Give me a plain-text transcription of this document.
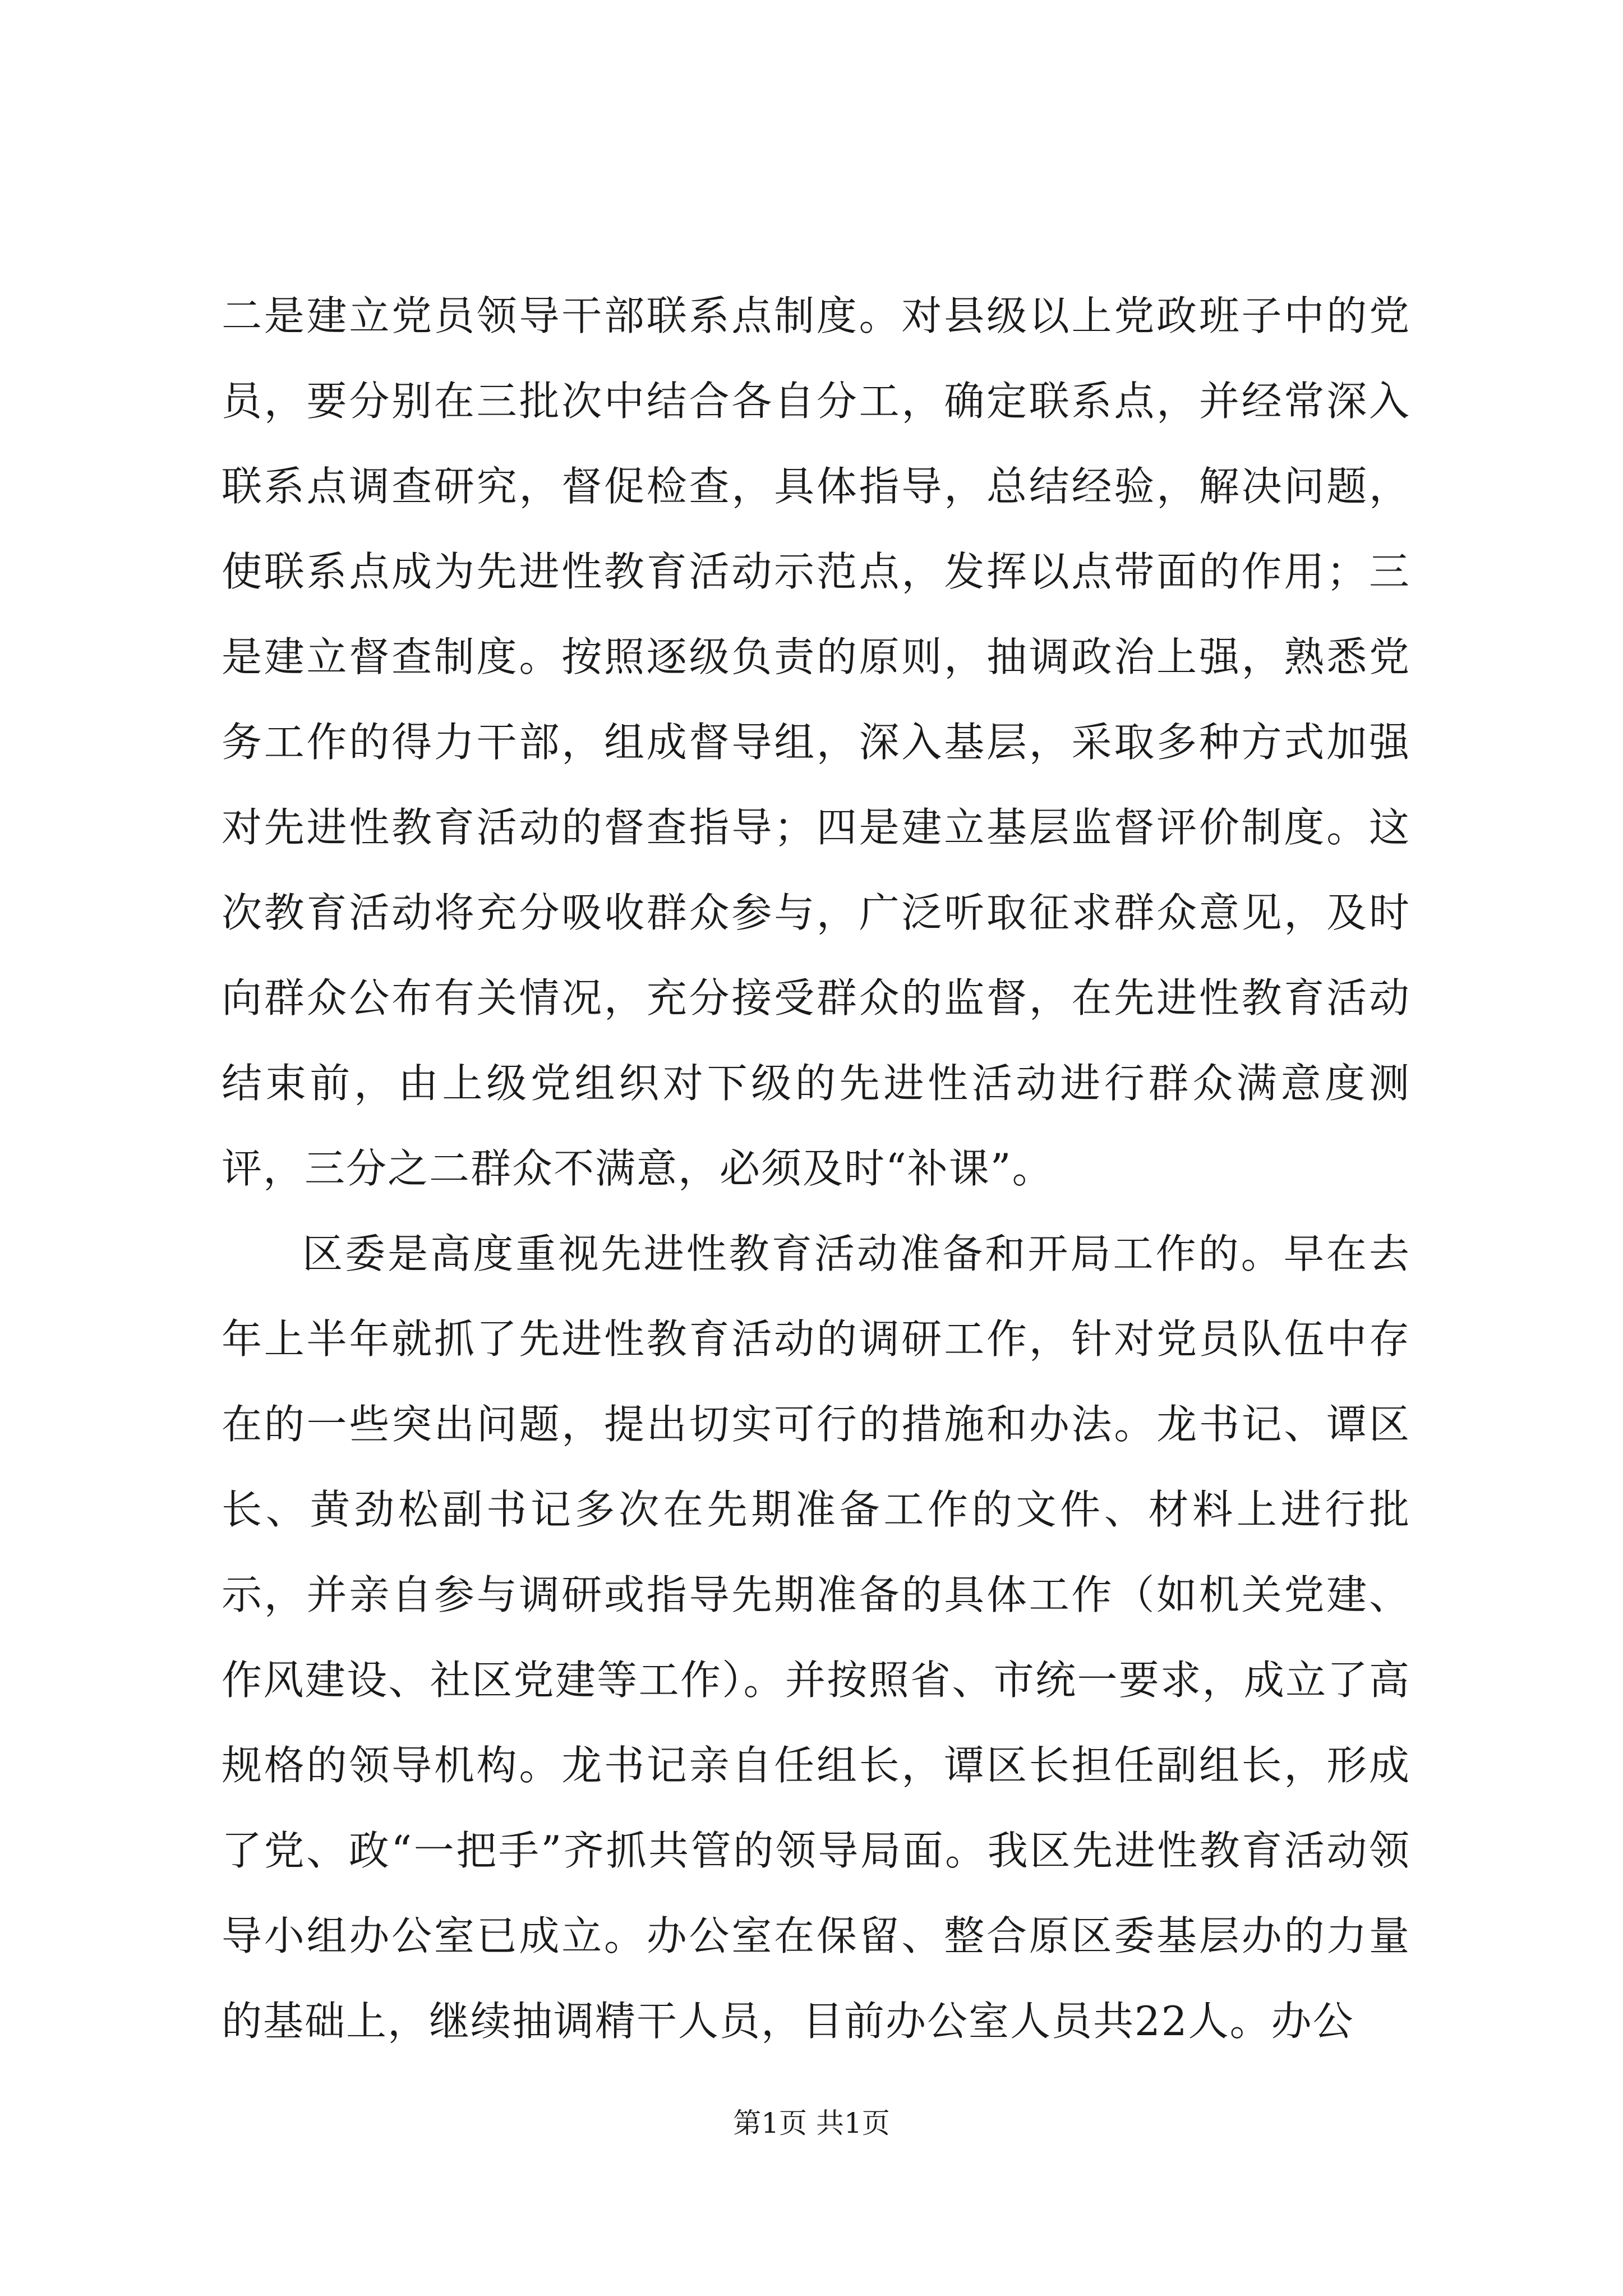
二是建立党员领导干部联系点制度。对县级以上党政班子中的党员，要分别在三批次中结合各自分工，确定联系点，并经常深入联系点调查研究，督促检查，具体指导，总结经验，解决问题，使联系点成为先进性教育活动示范点，发挥以点带面的作用；三是建立督查制度。按照逐级负责的原则，抽调政治上强，熟悉党务工作的得力干部，组成督导组，深入基层，采取多种方式加强对先进性教育活动的督查指导；四是建立基层监督评价制度。这次教育活动将充分吸收群众参与，广泛听取征求群众意见，及时向群众公布有关情况，充分接受群众的监督，在先进性教育活动结束前，由上级党组织对下级的先进性活动进行群众满意度测评，三分之二群众不满意，必须及时“补课”。

区委是高度重视先进性教育活动准备和开局工作的。早在去年上半年就抓了先进性教育活动的调研工作，针对党员队伍中存在的一些突出问题，提出切实可行的措施和办法。龙书记、谭区长、黄劲松副书记多次在先期准备工作的文件、材料上进行批示，并亲自参与调研或指导先期准备的具体工作（如机关党建、作风建设、社区党建等工作）。并按照省、市统一要求，成立了高规格的领导机构。龙书记亲自任组长，谭区长担任副组长，形成了党、政“一把手”齐抓共管的领导局面。我区先进性教育活动领导小组办公室已成立。办公室在保留、整合原区委基层办的力量的基础上，继续抽调精干人员，目前办公室人员共22人。办公

第1页 共1页
